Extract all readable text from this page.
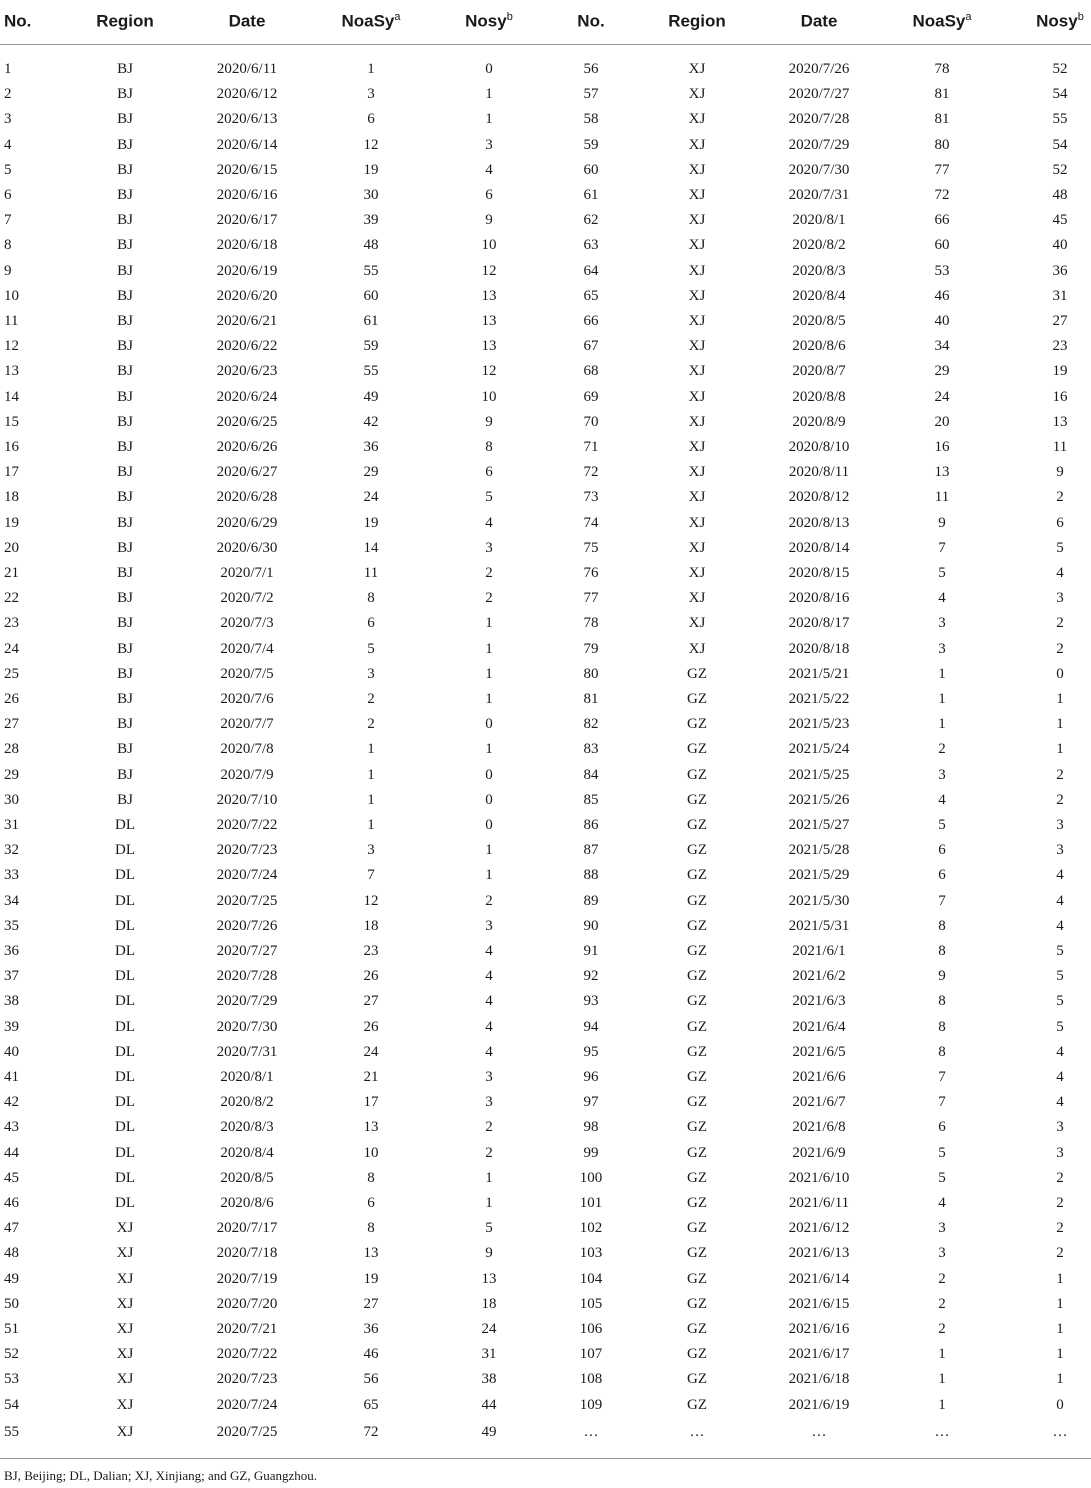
No.	Region	Date	NoaSy$^a$	Nosy$^b$	No.	Region	Date	NoaSy$^a$	Nosy$^b$
1	BJ	2020/6/11	1	0	56	XJ	2020/7/26	78	52
2	BJ	2020/6/12	3	1	57	XJ	2020/7/27	81	54
3	BJ	2020/6/13	6	1	58	XJ	2020/7/28	81	55
4	BJ	2020/6/14	12	3	59	XJ	2020/7/29	80	54
5	BJ	2020/6/15	19	4	60	XJ	2020/7/30	77	52
6	BJ	2020/6/16	30	6	61	XJ	2020/7/31	72	48
7	BJ	2020/6/17	39	9	62	XJ	2020/8/1	66	45
8	BJ	2020/6/18	48	10	63	XJ	2020/8/2	60	40
9	BJ	2020/6/19	55	12	64	XJ	2020/8/3	53	36
10	BJ	2020/6/20	60	13	65	XJ	2020/8/4	46	31
11	BJ	2020/6/21	61	13	66	XJ	2020/8/5	40	27
12	BJ	2020/6/22	59	13	67	XJ	2020/8/6	34	23
13	BJ	2020/6/23	55	12	68	XJ	2020/8/7	29	19
14	BJ	2020/6/24	49	10	69	XJ	2020/8/8	24	16
15	BJ	2020/6/25	42	9	70	XJ	2020/8/9	20	13
16	BJ	2020/6/26	36	8	71	XJ	2020/8/10	16	11
17	BJ	2020/6/27	29	6	72	XJ	2020/8/11	13	9
18	BJ	2020/6/28	24	5	73	XJ	2020/8/12	11	2
19	BJ	2020/6/29	19	4	74	XJ	2020/8/13	9	6
20	BJ	2020/6/30	14	3	75	XJ	2020/8/14	7	5
21	BJ	2020/7/1	11	2	76	XJ	2020/8/15	5	4
22	BJ	2020/7/2	8	2	77	XJ	2020/8/16	4	3
23	BJ	2020/7/3	6	1	78	XJ	2020/8/17	3	2
24	BJ	2020/7/4	5	1	79	XJ	2020/8/18	3	2
25	BJ	2020/7/5	3	1	80	GZ	2021/5/21	1	0
26	BJ	2020/7/6	2	1	81	GZ	2021/5/22	1	1
27	BJ	2020/7/7	2	0	82	GZ	2021/5/23	1	1
28	BJ	2020/7/8	1	1	83	GZ	2021/5/24	2	1
29	BJ	2020/7/9	1	0	84	GZ	2021/5/25	3	2
30	BJ	2020/7/10	1	0	85	GZ	2021/5/26	4	2
31	DL	2020/7/22	1	0	86	GZ	2021/5/27	5	3
32	DL	2020/7/23	3	1	87	GZ	2021/5/28	6	3
33	DL	2020/7/24	7	1	88	GZ	2021/5/29	6	4
34	DL	2020/7/25	12	2	89	GZ	2021/5/30	7	4
35	DL	2020/7/26	18	3	90	GZ	2021/5/31	8	4
36	DL	2020/7/27	23	4	91	GZ	2021/6/1	8	5
37	DL	2020/7/28	26	4	92	GZ	2021/6/2	9	5
38	DL	2020/7/29	27	4	93	GZ	2021/6/3	8	5
39	DL	2020/7/30	26	4	94	GZ	2021/6/4	8	5
40	DL	2020/7/31	24	4	95	GZ	2021/6/5	8	4
41	DL	2020/8/1	21	3	96	GZ	2021/6/6	7	4
42	DL	2020/8/2	17	3	97	GZ	2021/6/7	7	4
43	DL	2020/8/3	13	2	98	GZ	2021/6/8	6	3
44	DL	2020/8/4	10	2	99	GZ	2021/6/9	5	3
45	DL	2020/8/5	8	1	100	GZ	2021/6/10	5	2
46	DL	2020/8/6	6	1	101	GZ	2021/6/11	4	2
47	XJ	2020/7/17	8	5	102	GZ	2021/6/12	3	2
48	XJ	2020/7/18	13	9	103	GZ	2021/6/13	3	2
49	XJ	2020/7/19	19	13	104	GZ	2021/6/14	2	1
50	XJ	2020/7/20	27	18	105	GZ	2021/6/15	2	1
51	XJ	2020/7/21	36	24	106	GZ	2021/6/16	2	1
52	XJ	2020/7/22	46	31	107	GZ	2021/6/17	1	1
53	XJ	2020/7/23	56	38	108	GZ	2021/6/18	1	1
54	XJ	2020/7/24	65	44	109	GZ	2021/6/19	1	0
55	XJ	2020/7/25	72	49	…	…	…	…	…
BJ, Beijing; DL, Dalian; XJ, Xinjiang; and GZ, Guangzhou.
